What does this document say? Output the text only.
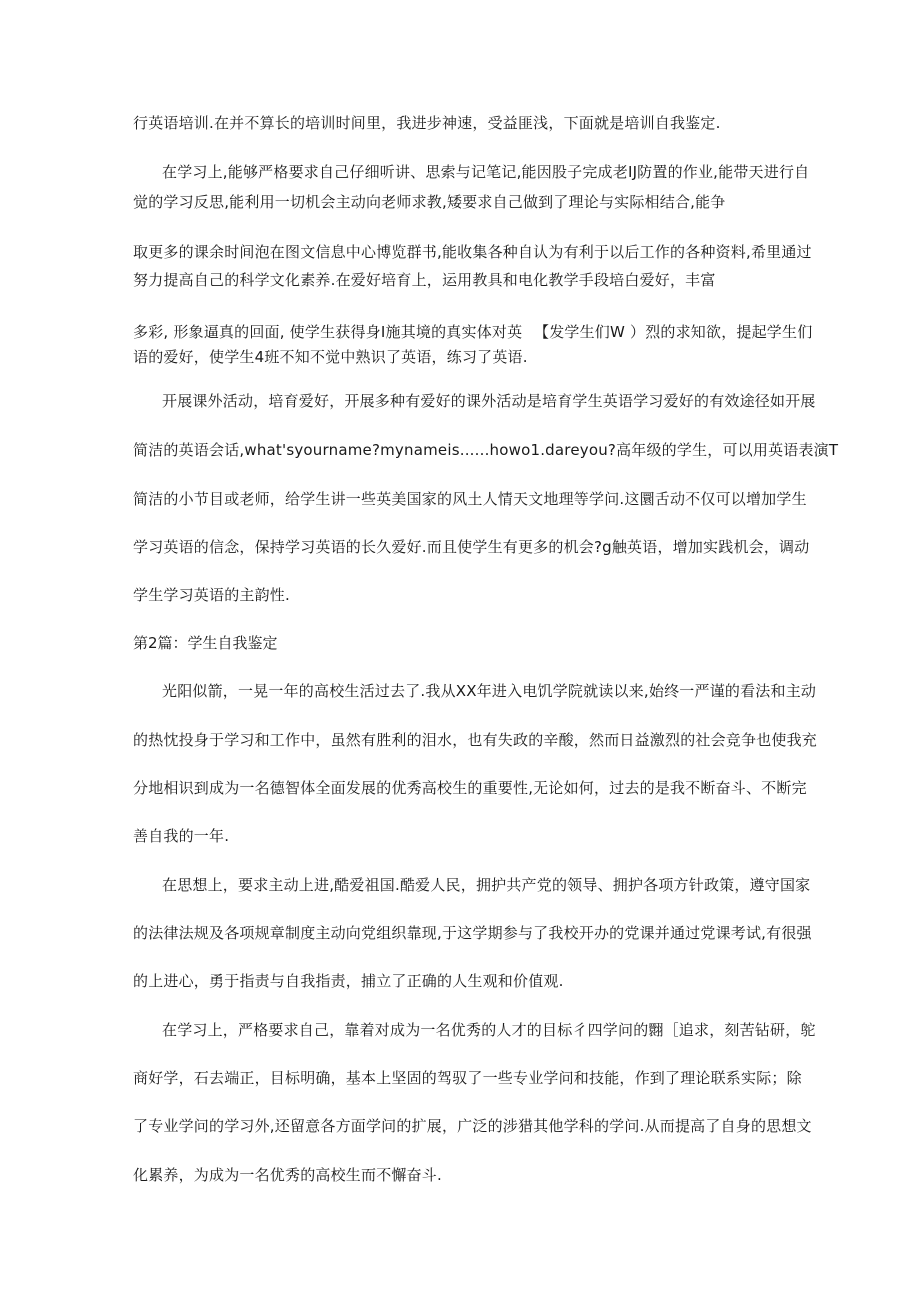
行英语培训.在并不算长的培训时间里，我进步神速，受益匪浅，下面就是培训自我鉴定.
在学习上,能够严格要求自己仔细听讲、思索与记笔记,能因股子完成老IJ防置的作业,能带天进行自
觉的学习反思,能利用一切机会主动向老师求教,矮要求自己做到了理论与实际相结合,能争
取更多的课余时间泡在图文信息中心博览群书,能收集各种自认为有利于以后工作的各种资料,希里通过
努力提高自己的科学文化素养.在爱好培育上，运用教具和电化教学手段培白爱好，丰富
多彩, 形象逼真的回面, 使学生获得身I施其境的真实体对英 【发学生们W ）烈的求知欲，提起学生们
语的爱好，使学生4班不知不觉中熟识了英语，练习了英语.
开展课外活动，培育爱好，开展多种有爱好的课外活动是培育学生英语学习爱好的有效途径如开展
简洁的英语会话,what'syourname?mynameis......howo1.dareyou?高年级的学生，可以用英语表演T
简洁的小节目或老师，给学生讲一些英美国家的风土人情天文地理等学问.这圜舌动不仅可以增加学生
学习英语的信念，保持学习英语的长久爱好.而且使学生有更多的机会?g触英语，增加实践机会，调动
学生学习英语的主韵性.
第2篇：学生自我鉴定
光阳似箭，一晃一年的高校生活过去了.我从XX年进入电饥学院就读以来,始终一严谨的看法和主动
的热忱投身于学习和工作中，虽然有胜利的泪水，也有失政的辛酸，然而日益激烈的社会竞争也使我充
分地相识到成为一名德智体全面发展的优秀高校生的重要性,无论如何，过去的是我不断奋斗、不断完
善自我的一年.
在思想上，要求主动上进,酷爱祖国.酷爱人民，拥护共产党的领导、拥护各项方针政策，遵守国家
的法律法规及各项规章制度主动向党组织靠现,于这学期参与了我校开办的党课并通过党课考试,有很强
的上进心，勇于指责与自我指责，捕立了正确的人生观和价值观.
在学习上，严格要求自己，靠着对成为一名优秀的人才的目标彳四学问的翾［追求，刻苦钻研，鸵
商好学，石去端正，目标明确，基本上坚固的驾驭了一些专业学问和技能，作到了理论联系实际；除
了专业学问的学习外,还留意各方面学问的扩展，广泛的涉猎其他学科的学问.从而提高了自身的思想文
化累养，为成为一名优秀的高校生而不懈奋斗.
